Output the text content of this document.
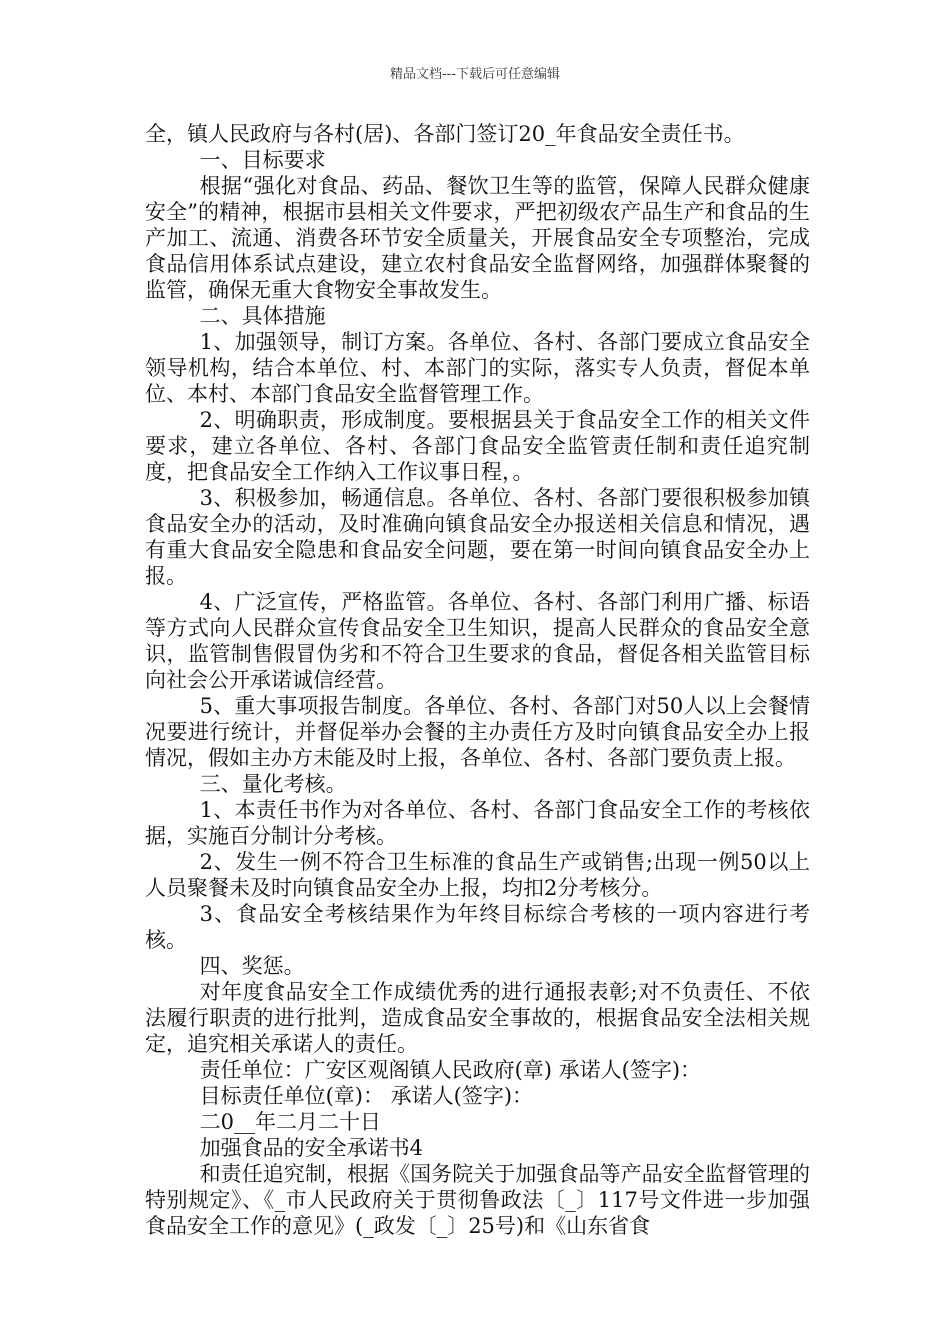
精品文档---下载后可任意编辑

全，镇人民政府与各村(居)、各部门签订20_年食品安全责任书。

一、目标要求

根据“强化对食品、药品、餐饮卫生等的监管，保障人民群众健康安全”的精神，根据市县相关文件要求，严把初级农产品生产和食品的生产加工、流通、消费各环节安全质量关，开展食品安全专项整治，完成食品信用体系试点建设，建立农村食品安全监督网络，加强群体聚餐的监管，确保无重大食物安全事故发生。

二、具体措施

1、加强领导，制订方案。各单位、各村、各部门要成立食品安全领导机构，结合本单位、村、本部门的实际，落实专人负责，督促本单位、本村、本部门食品安全监督管理工作。

2、明确职责，形成制度。要根据县关于食品安全工作的相关文件要求，建立各单位、各村、各部门食品安全监管责任制和责任追究制度，把食品安全工作纳入工作议事日程，。

3、积极参加，畅通信息。各单位、各村、各部门要很积极参加镇食品安全办的活动，及时准确向镇食品安全办报送相关信息和情况，遇有重大食品安全隐患和食品安全问题，要在第一时间向镇食品安全办上报。

4、广泛宣传，严格监管。各单位、各村、各部门利用广播、标语等方式向人民群众宣传食品安全卫生知识，提高人民群众的食品安全意识，监管制售假冒伪劣和不符合卫生要求的食品，督促各相关监管目标向社会公开承诺诚信经营。

5、重大事项报告制度。各单位、各村、各部门对50人以上会餐情况要进行统计，并督促举办会餐的主办责任方及时向镇食品安全办上报情况，假如主办方未能及时上报，各单位、各村、各部门要负责上报。

三、量化考核。

1、本责任书作为对各单位、各村、各部门食品安全工作的考核依据，实施百分制计分考核。

2、发生一例不符合卫生标准的食品生产或销售;出现一例50以上人员聚餐未及时向镇食品安全办上报，均扣2分考核分。

3、食品安全考核结果作为年终目标综合考核的一项内容进行考核。

四、奖惩。

对年度食品安全工作成绩优秀的进行通报表彰;对不负责任、不依法履行职责的进行批判，造成食品安全事故的，根据食品安全法相关规定，追究相关承诺人的责任。

责任单位：广安区观阁镇人民政府(章) 承诺人(签字)：

目标责任单位(章)： 承诺人(签字)：

二0__年二月二十日

加强食品的安全承诺书4

和责任追究制，根据《国务院关于加强食品等产品安全监督管理的特别规定》、《_市人民政府关于贯彻鲁政法〔_〕117号文件进一步加强食品安全工作的意见》(_政发〔_〕25号)和《山东省食
